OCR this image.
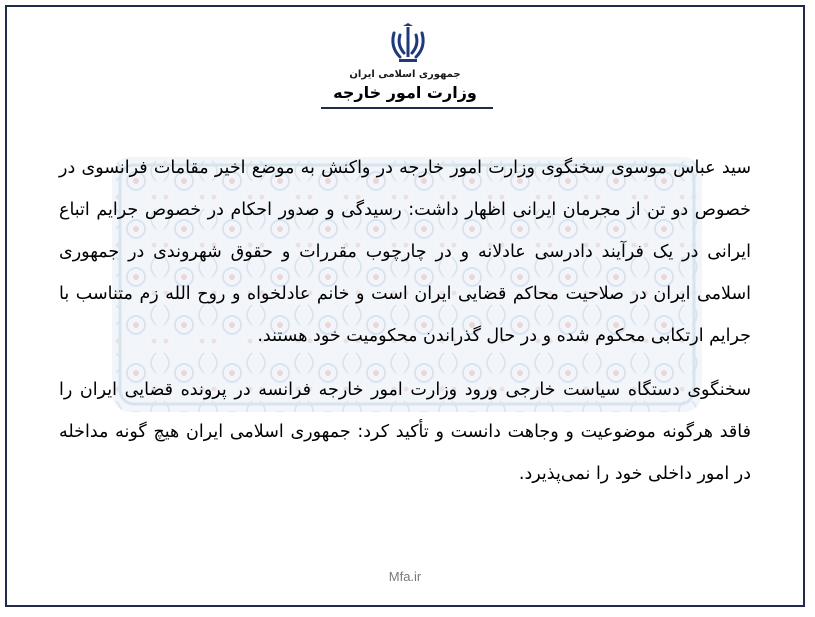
جمهوری اسلامی ایران
وزارت امور خارجه

سید عباس موسوی سخنگوی وزارت امور خارجه در واکنش به موضع اخیر مقامات فرانسوی در خصوص دو تن از مجرمان ایرانی اظهار داشت: رسیدگی و صدور احکام در خصوص جرایم اتباع ایرانی در یک فرآیند دادرسی عادلانه و در چارچوب مقررات و حقوق شهروندی در جمهوری اسلامی ایران در صلاحیت محاکم قضایی ایران است و خانم عادلخواه و روح الله زم متناسب با جرایم ارتکابی محکوم شده و در حال گذراندن محکومیت خود هستند.

سخنگوی دستگاه سیاست خارجی ورود وزارت امور خارجه فرانسه در پرونده قضایی ایران را فاقد هرگونه موضوعیت و وجاهت دانست و تأکید کرد: جمهوری اسلامی ایران هیچ گونه مداخله در امور داخلی خود را نمی‌پذیرد.

Mfa.ir
